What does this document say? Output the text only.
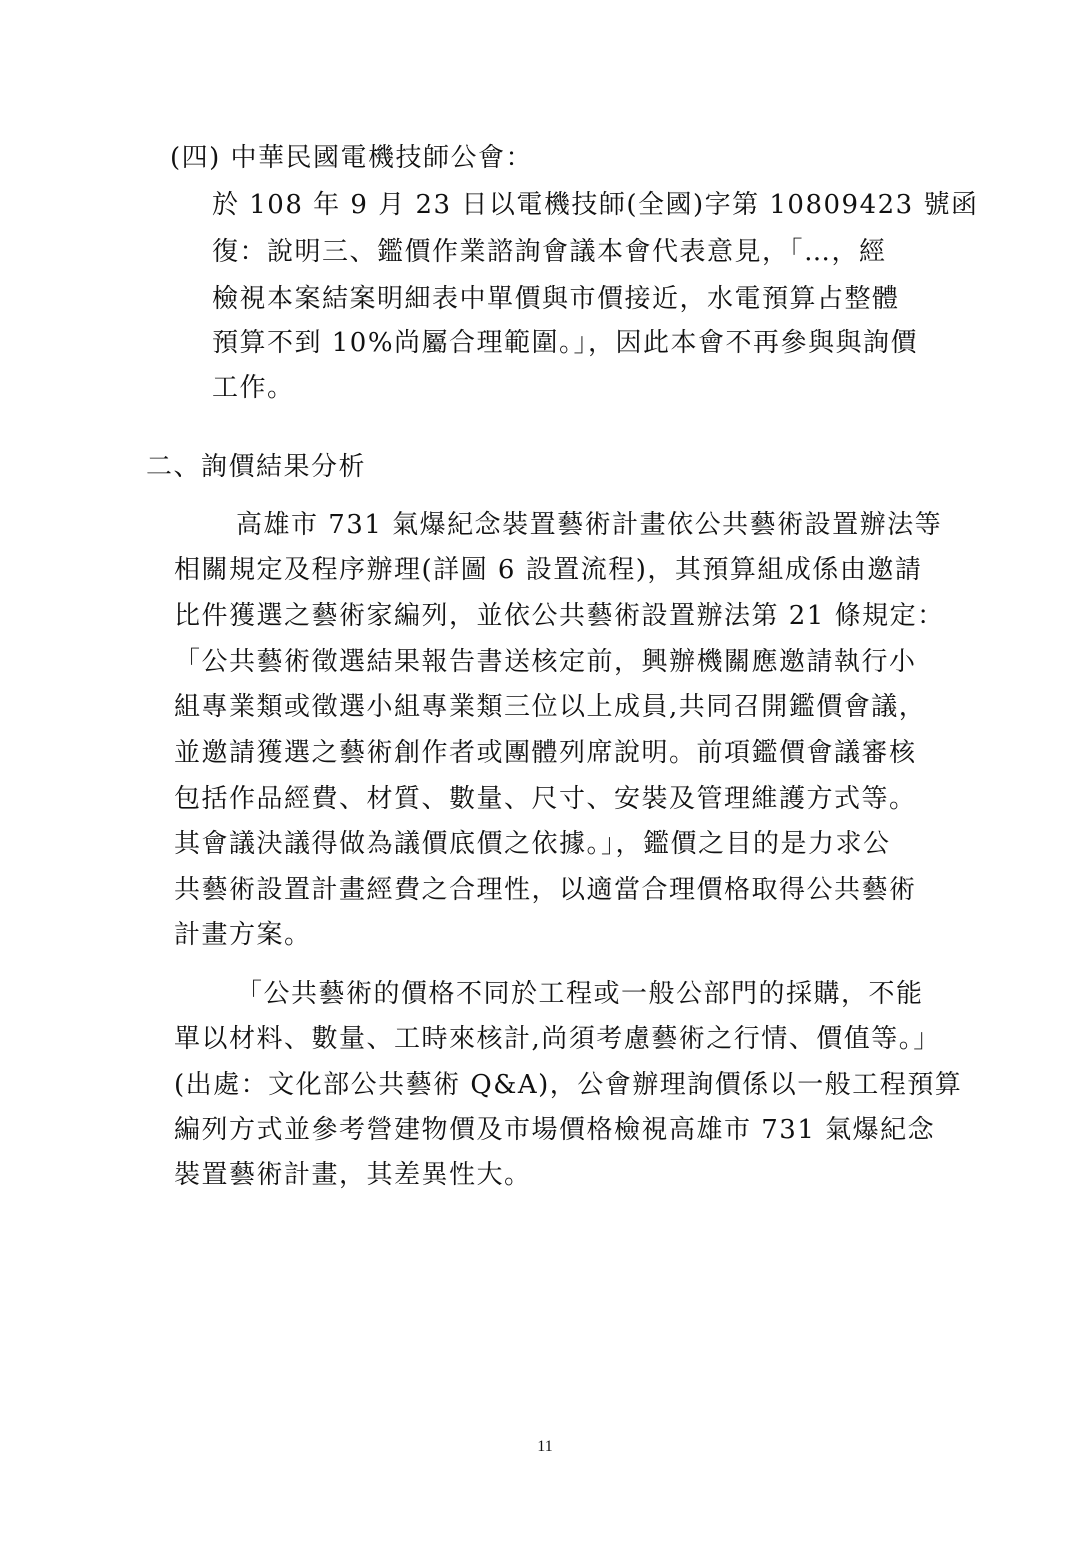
(四) 中華民國電機技師公會：
於 108 年 9 月 23 日以電機技師(全國)字第 10809423 號函
復：說明三、鑑價作業諮詢會議本會代表意見，「…，經
檢視本案結案明細表中單價與市價接近，水電預算占整體
預算不到 10%尚屬合理範圍。」，因此本會不再參與與詢價
工作。
二、詢價結果分析
高雄市 731 氣爆紀念裝置藝術計畫依公共藝術設置辦法等
相關規定及程序辦理(詳圖 6 設置流程)，其預算組成係由邀請
比件獲選之藝術家編列，並依公共藝術設置辦法第 21 條規定：
「公共藝術徵選結果報告書送核定前，興辦機關應邀請執行小
組專業類或徵選小組專業類三位以上成員,共同召開鑑價會議，
並邀請獲選之藝術創作者或團體列席說明。前項鑑價會議審核
包括作品經費、材質、數量、尺寸、安裝及管理維護方式等。
其會議決議得做為議價底價之依據。」，鑑價之目的是力求公
共藝術設置計畫經費之合理性，以適當合理價格取得公共藝術
計畫方案。
「公共藝術的價格不同於工程或一般公部門的採購，不能
單以材料、數量、工時來核計,尚須考慮藝術之行情、價值等。」
(出處：文化部公共藝術 Q&A)，公會辦理詢價係以一般工程預算
編列方式並參考營建物價及市場價格檢視高雄市 731 氣爆紀念
裝置藝術計畫，其差異性大。
11
